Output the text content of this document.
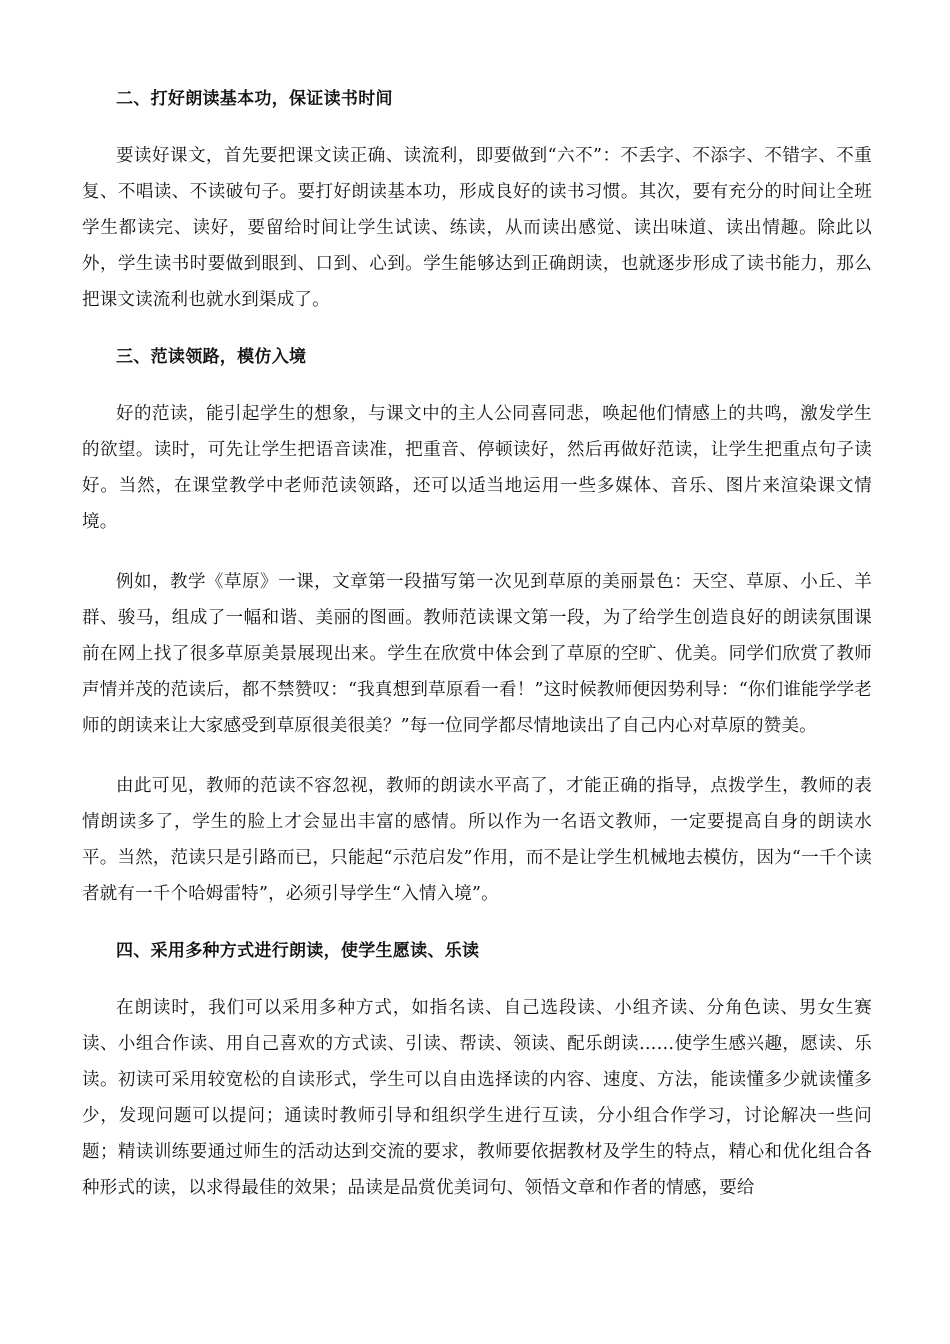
二、打好朗读基本功，保证读书时间

要读好课文，首先要把课文读正确、读流利，即要做到“六不”：不丢字、不添字、不错字、不重复、不唱读、不读破句子。要打好朗读基本功，形成良好的读书习惯。其次，要有充分的时间让全班学生都读完、读好，要留给时间让学生试读、练读，从而读出感觉、读出味道、读出情趣。除此以外，学生读书时要做到眼到、口到、心到。学生能够达到正确朗读，也就逐步形成了读书能力，那么把课文读流利也就水到渠成了。

三、范读领路，模仿入境

好的范读，能引起学生的想象，与课文中的主人公同喜同悲，唤起他们情感上的共鸣，激发学生的欲望。读时，可先让学生把语音读准，把重音、停顿读好，然后再做好范读，让学生把重点句子读好。当然，在课堂教学中老师范读领路，还可以适当地运用一些多媒体、音乐、图片来渲染课文情境。

例如，教学《草原》一课，文章第一段描写第一次见到草原的美丽景色：天空、草原、小丘、羊群、骏马，组成了一幅和谐、美丽的图画。教师范读课文第一段，为了给学生创造良好的朗读氛围课前在网上找了很多草原美景展现出来。学生在欣赏中体会到了草原的空旷、优美。同学们欣赏了教师声情并茂的范读后，都不禁赞叹：“我真想到草原看一看！”这时候教师便因势利导：“你们谁能学学老师的朗读来让大家感受到草原很美很美？”每一位同学都尽情地读出了自己内心对草原的赞美。

由此可见，教师的范读不容忽视，教师的朗读水平高了，才能正确的指导，点拨学生，教师的表情朗读多了，学生的脸上才会显出丰富的感情。所以作为一名语文教师，一定要提高自身的朗读水平。当然，范读只是引路而已，只能起“示范启发”作用，而不是让学生机械地去模仿，因为“一千个读者就有一千个哈姆雷特”，必须引导学生“入情入境”。

四、采用多种方式进行朗读，使学生愿读、乐读

在朗读时，我们可以采用多种方式，如指名读、自己选段读、小组齐读、分角色读、男女生赛读、小组合作读、用自己喜欢的方式读、引读、帮读、领读、配乐朗读……使学生感兴趣，愿读、乐读。初读可采用较宽松的自读形式，学生可以自由选择读的内容、速度、方法，能读懂多少就读懂多少，发现问题可以提问；通读时教师引导和组织学生进行互读，分小组合作学习，讨论解决一些问题；精读训练要通过师生的活动达到交流的要求，教师要依据教材及学生的特点，精心和优化组合各种形式的读，以求得最佳的效果；品读是品赏优美词句、领悟文章和作者的情感，要给
